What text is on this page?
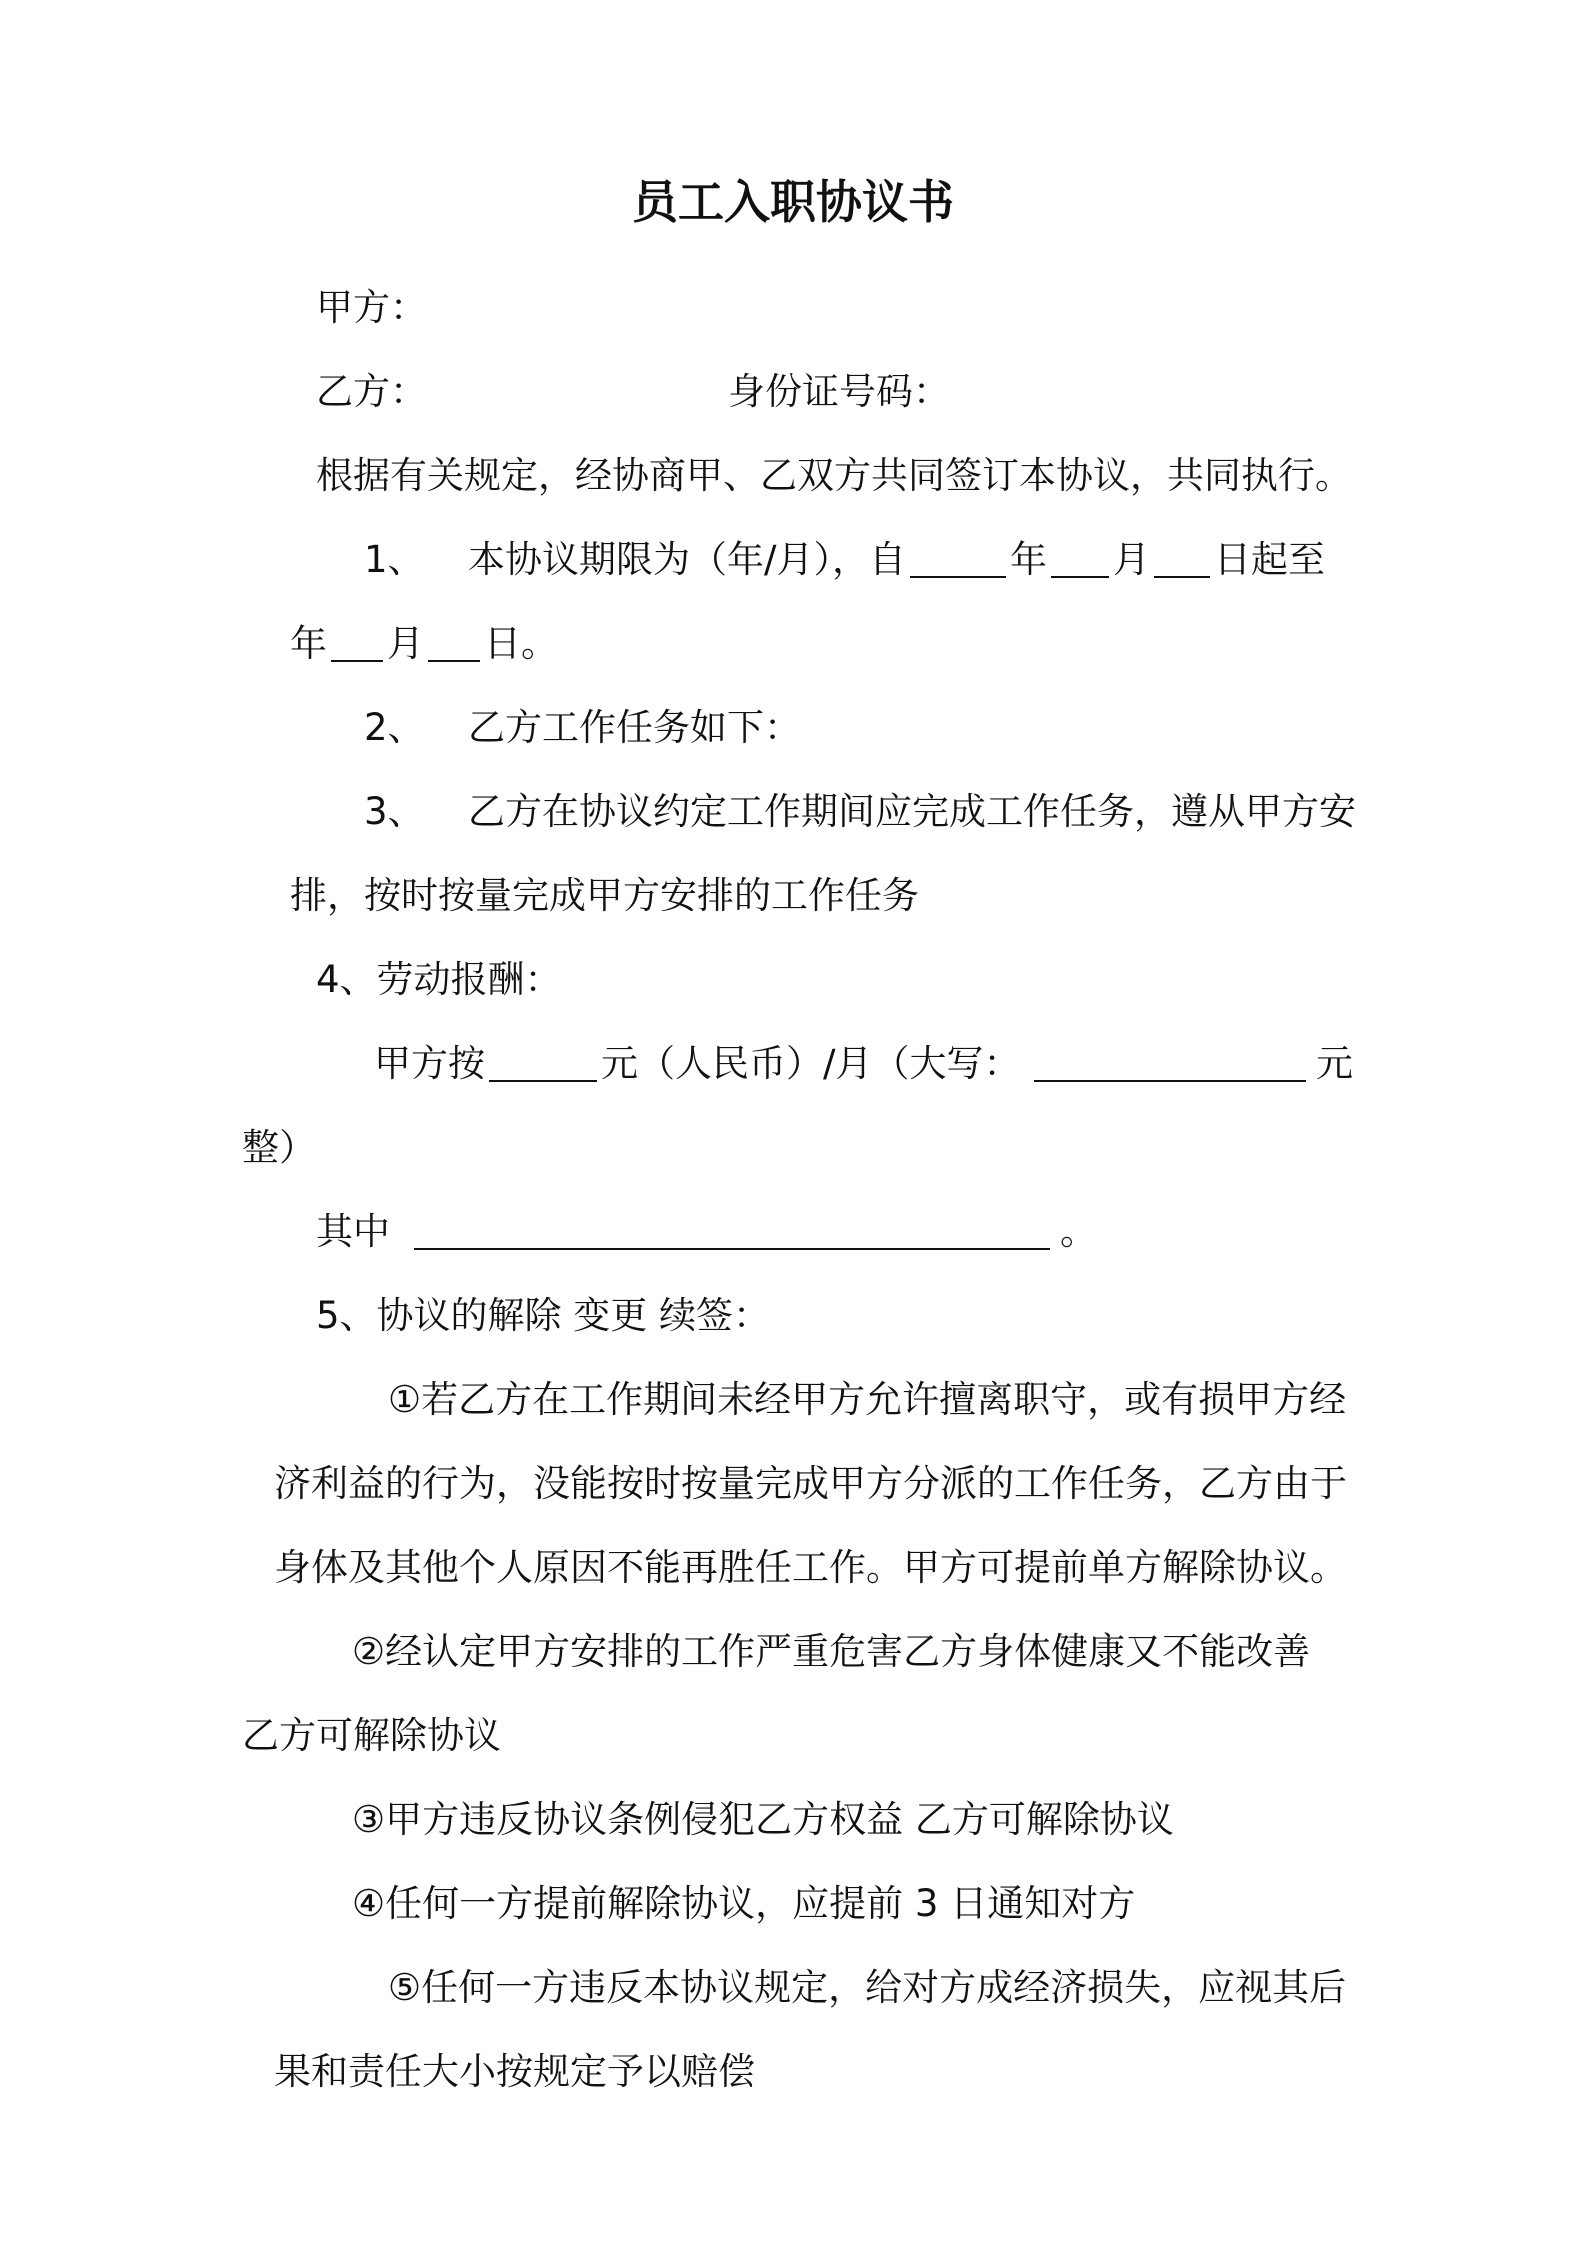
员工入职协议书
甲方：
乙方：	身份证号码：
根据有关规定，经协商甲、乙双方共同签订本协议，共同执行。
1、 本协议期限为（年/月），自	年 月 日起至
年 月 日。
2、 乙方工作任务如下：
3、 乙方在协议约定工作期间应完成工作任务，遵从甲方安
排，按时按量完成甲方安排的工作任务
4、劳动报酬：
甲方按	元（人民币）/月（大写：	元
整）
其中	。
5、协议的解除 变更 续签：
①若乙方在工作期间未经甲方允许擅离职守，或有损甲方经
济利益的行为，没能按时按量完成甲方分派的工作任务，乙方由于
身体及其他个人原因不能再胜任工作。甲方可提前单方解除协议。
②经认定甲方安排的工作严重危害乙方身体健康又不能改善
乙方可解除协议
③甲方违反协议条例侵犯乙方权益 乙方可解除协议
④任何一方提前解除协议，应提前 3 日通知对方
⑤任何一方违反本协议规定，给对方成经济损失，应视其后
果和责任大小按规定予以赔偿
